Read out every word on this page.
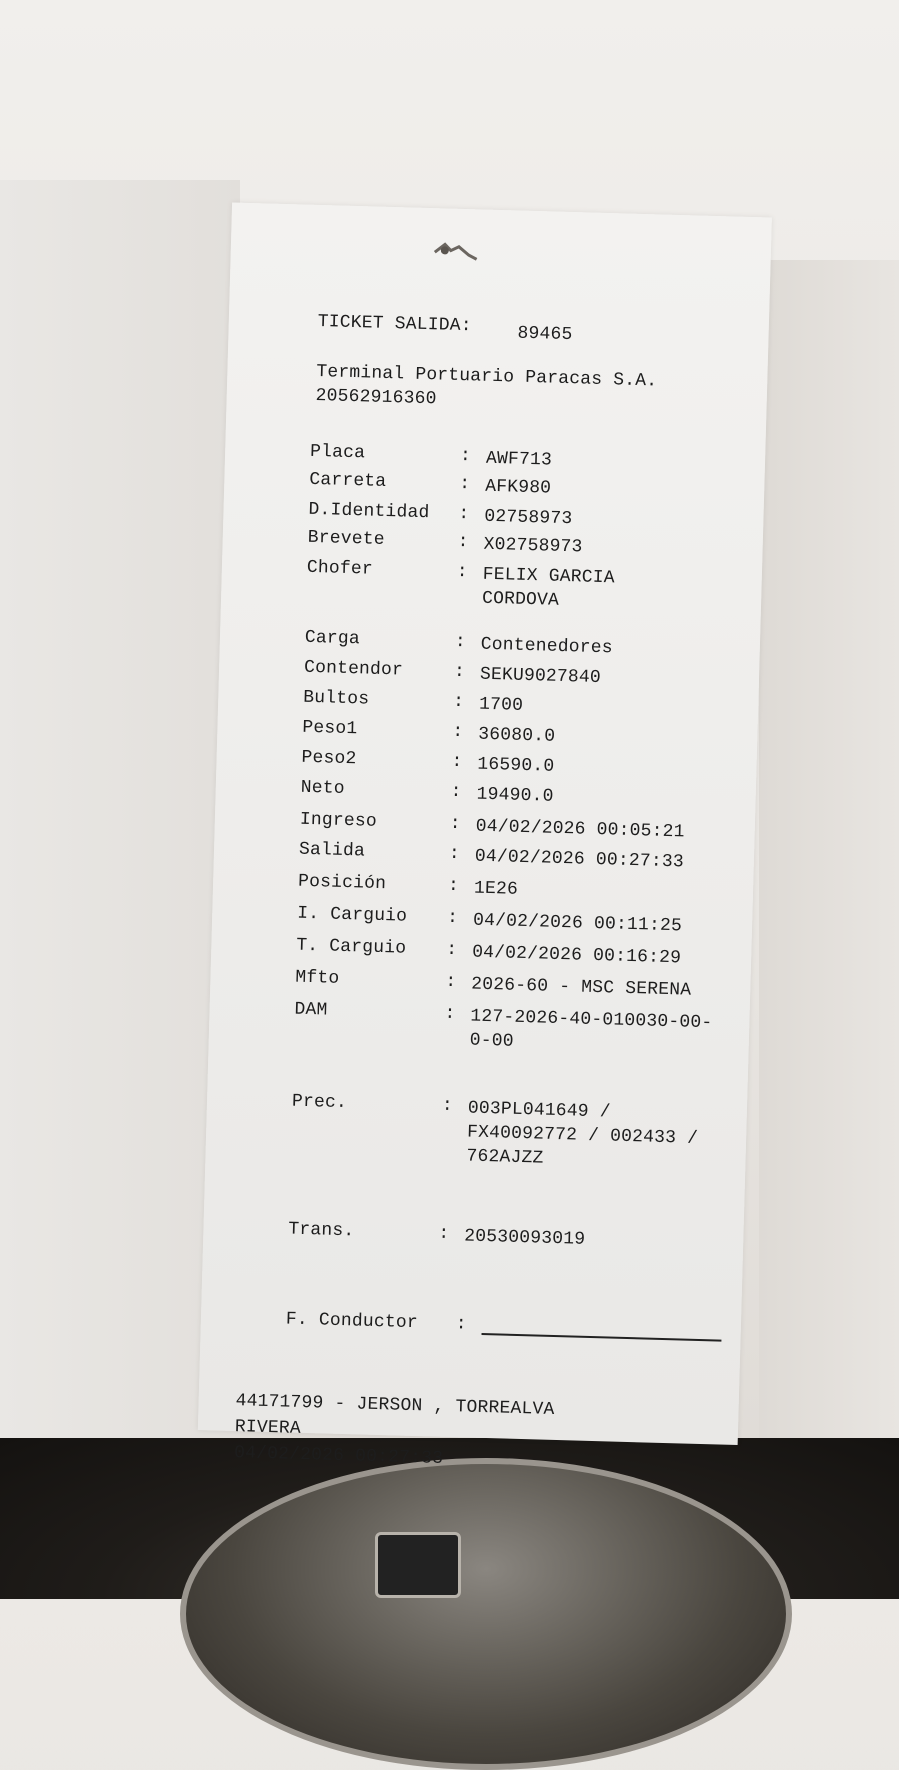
TICKET SALIDA:	89465
Terminal Portuario Paracas S.A.
20562916360
Placa	: AWF713
Carreta	: AFK980
D.Identidad	: 02758973
Brevete	: X02758973
Chofer	: FELIX GARCIA CORDOVA
Carga	: Contenedores
Contendor	: SEKU9027840
Bultos	: 1700
Peso1	: 36080.0
Peso2	: 16590.0
Neto	: 19490.0
Ingreso	: 04/02/2026 00:05:21
Salida	: 04/02/2026 00:27:33
Posición	: 1E26
I. Carguio	: 04/02/2026 00:11:25
T. Carguio	: 04/02/2026 00:16:29
Mfto	: 2026-60 - MSC SERENA
DAM	: 127-2026-40-010030-00-0-00
Prec.	: 003PL041649 / FX40092772 / 002433 / 762AJZZ
Trans.	: 20530093019
F. Conductor	:
44171799 - JERSON , TORREALVA RIVERA
04/02/2026 00:27:33
